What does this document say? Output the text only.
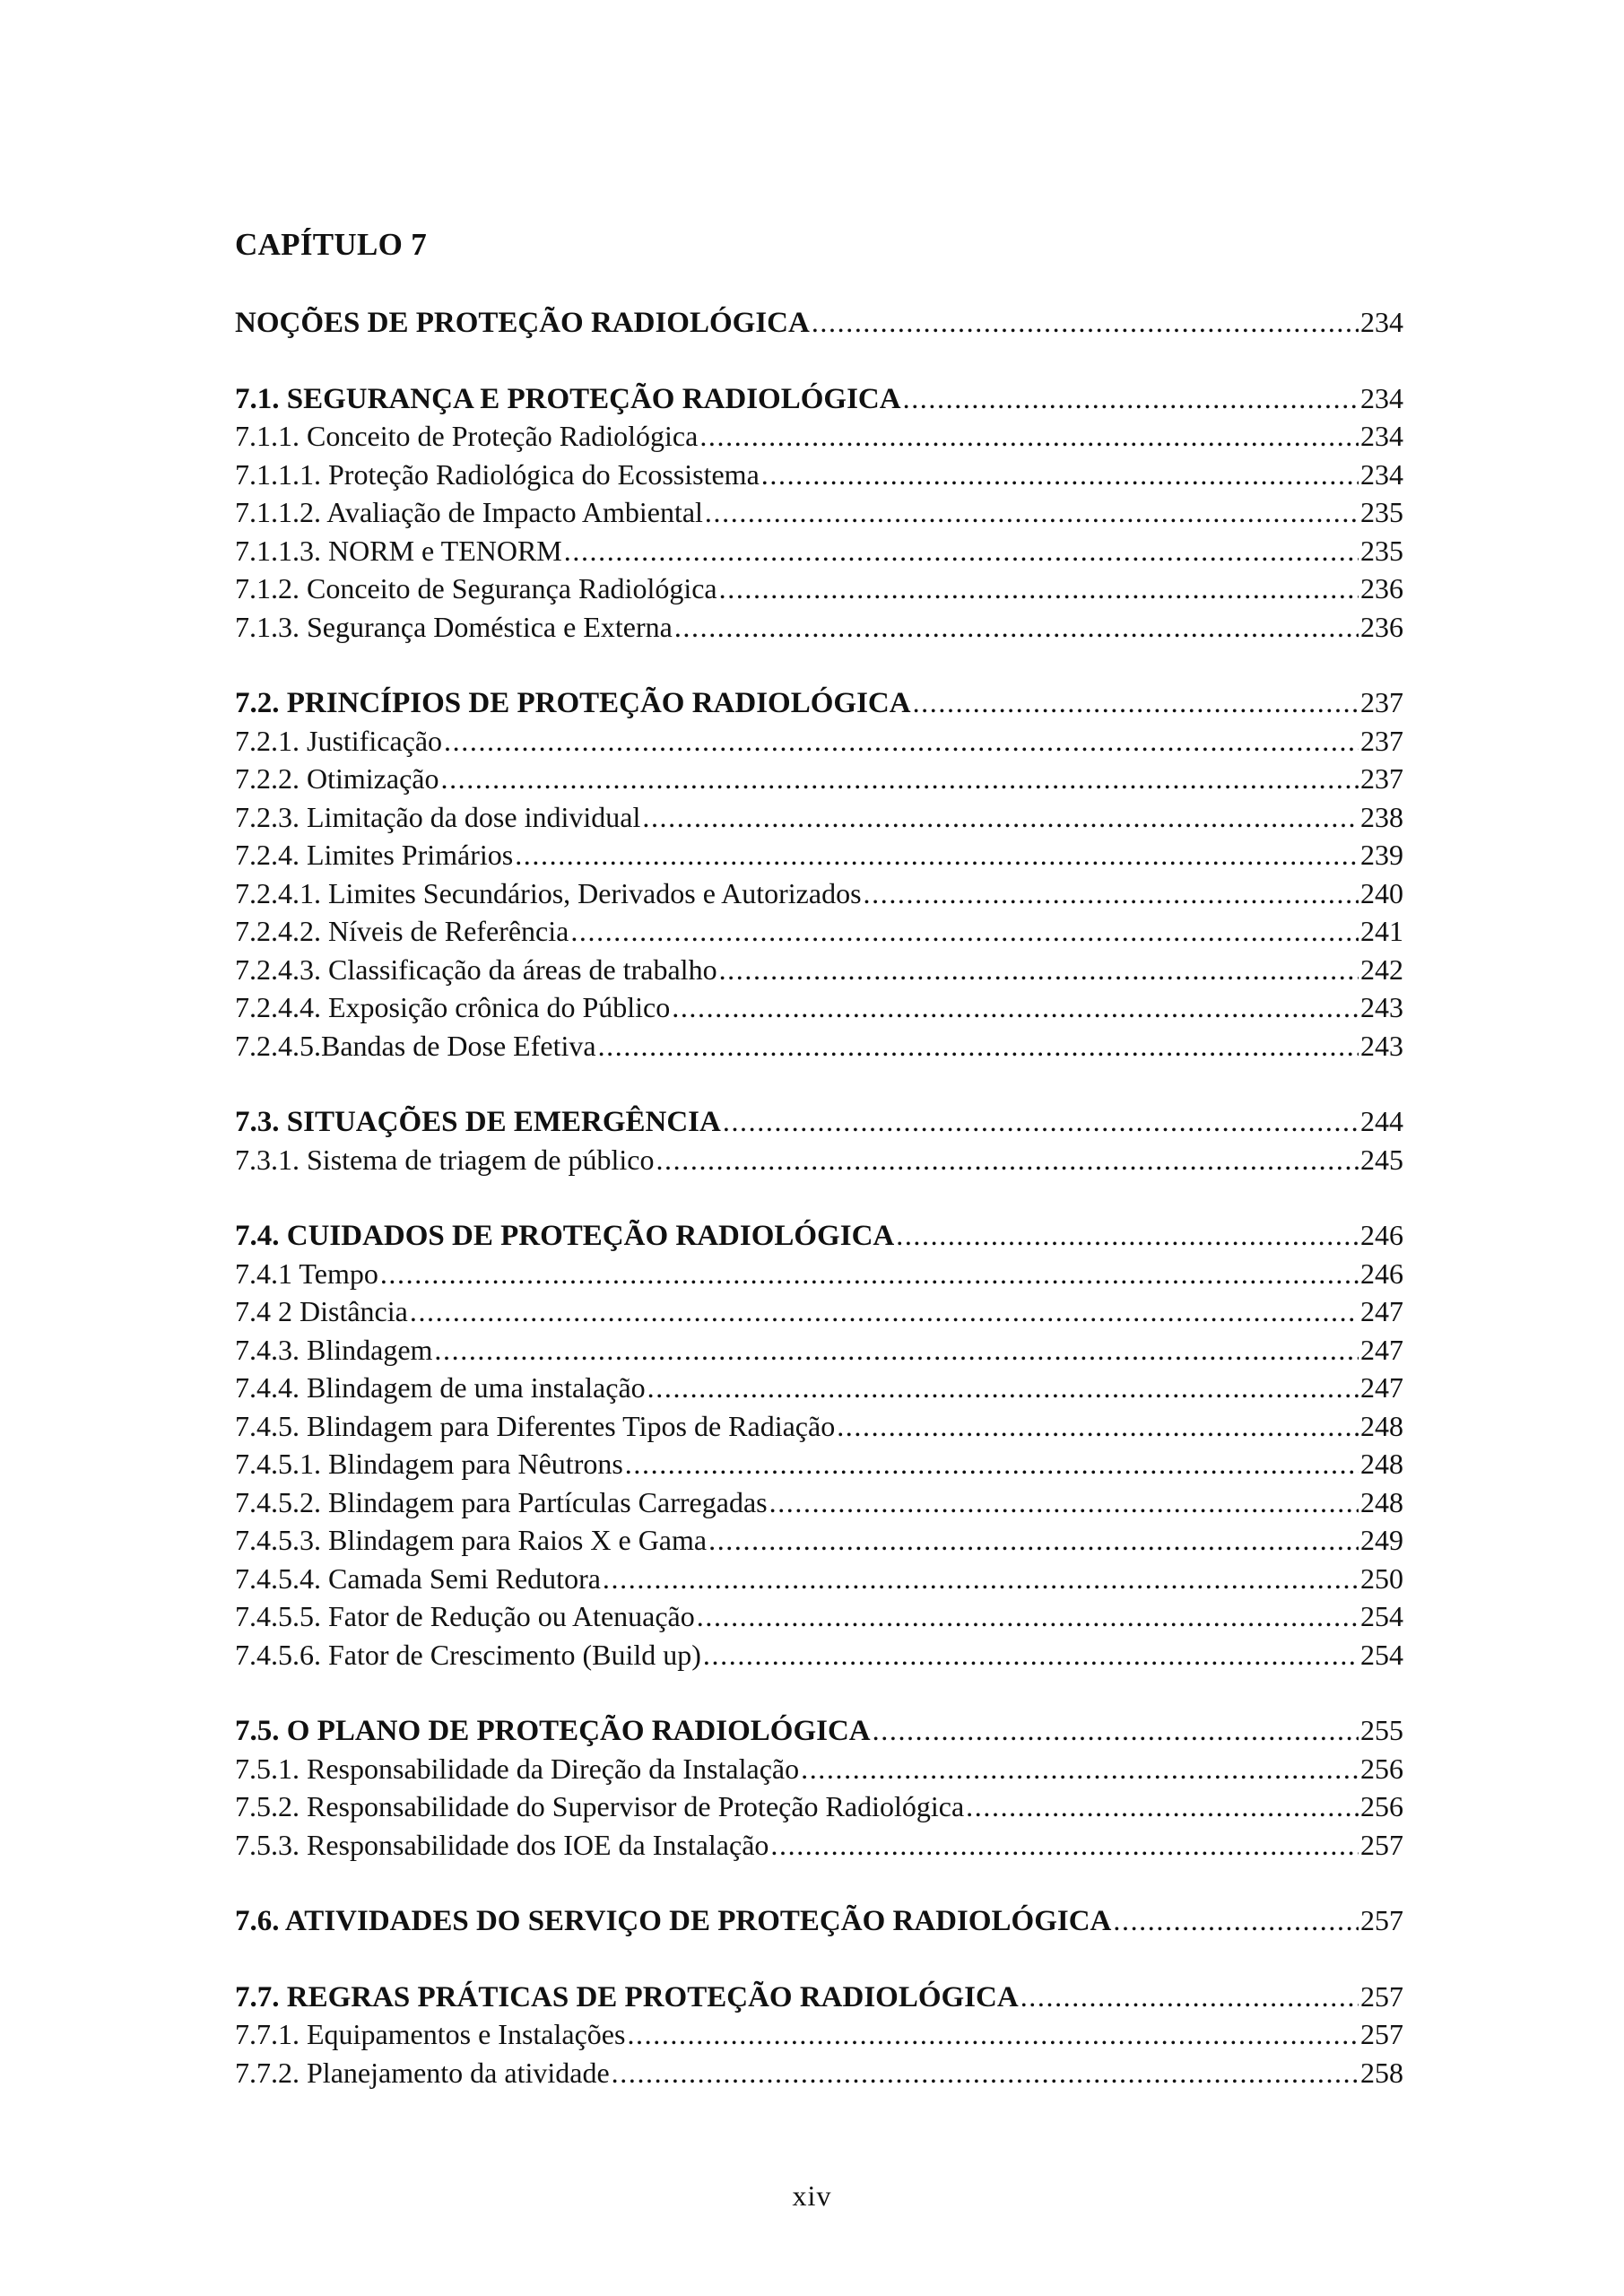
CAPÍTULO 7
NOÇÕES DE PROTEÇÃO RADIOLÓGICA .....	234
7.1. SEGURANÇA E PROTEÇÃO RADIOLÓGICA .....	234
7.1.1. Conceito de Proteção Radiológica .....	234
7.1.1.1. Proteção Radiológica do Ecossistema .....	234
7.1.1.2. Avaliação de Impacto Ambiental .....	235
7.1.1.3. NORM e TENORM .....	235
7.1.2. Conceito de Segurança Radiológica .....	236
7.1.3. Segurança Doméstica e Externa .....	236
7.2. PRINCÍPIOS DE PROTEÇÃO RADIOLÓGICA .....	237
7.2.1. Justificação .....	237
7.2.2. Otimização .....	237
7.2.3. Limitação da dose individual .....	238
7.2.4. Limites Primários .....	239
7.2.4.1. Limites Secundários, Derivados e Autorizados .....	240
7.2.4.2. Níveis de Referência .....	241
7.2.4.3. Classificação da áreas de trabalho .....	242
7.2.4.4. Exposição crônica do Público .....	243
7.2.4.5.Bandas de Dose Efetiva .....	243
7.3. SITUAÇÕES DE EMERGÊNCIA .....	244
7.3.1. Sistema de triagem de público .....	245
7.4. CUIDADOS DE PROTEÇÃO RADIOLÓGICA .....	246
7.4.1 Tempo .....	246
7.4 2 Distância .....	247
7.4.3. Blindagem .....	247
7.4.4. Blindagem de uma instalação .....	247
7.4.5. Blindagem para Diferentes Tipos de Radiação .....	248
7.4.5.1. Blindagem para Nêutrons .....	248
7.4.5.2. Blindagem para Partículas Carregadas .....	248
7.4.5.3. Blindagem para Raios X e Gama .....	249
7.4.5.4. Camada Semi Redutora .....	250
7.4.5.5. Fator de Redução ou Atenuação .....	254
7.4.5.6. Fator de Crescimento (Build up) .....	254
7.5. O PLANO DE PROTEÇÃO RADIOLÓGICA .....	255
7.5.1. Responsabilidade da Direção da Instalação .....	256
7.5.2. Responsabilidade do Supervisor de Proteção Radiológica .....	256
7.5.3. Responsabilidade dos IOE da Instalação .....	257
7.6. ATIVIDADES DO SERVIÇO DE PROTEÇÃO RADIOLÓGICA .....	257
7.7. REGRAS PRÁTICAS DE PROTEÇÃO RADIOLÓGICA .....	257
7.7.1. Equipamentos e Instalações .....	257
7.7.2. Planejamento da atividade .....	258
xiv
